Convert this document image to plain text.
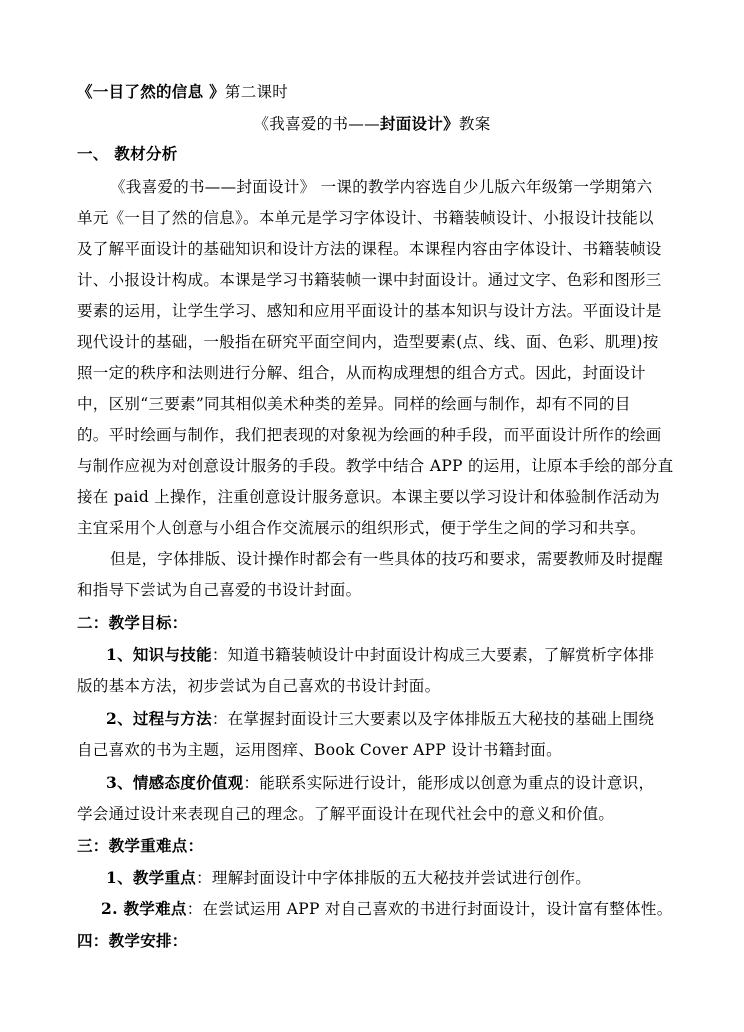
《一目了然的信息 》第二课时
《我喜爱的书——封面设计》教案
一、 教材分析
《我喜爱的书——封面设计》 一课的教学内容选自少儿版六年级第一学期第六
单元《一目了然的信息》。本单元是学习字体设计、书籍装帧设计、小报设计技能以
及了解平面设计的基础知识和设计方法的课程。本课程内容由字体设计、书籍装帧设
计、小报设计构成。本课是学习书籍装帧一课中封面设计。通过文字、色彩和图形三
要素的运用，让学生学习、感知和应用平面设计的基本知识与设计方法。平面设计是
现代设计的基础，一般指在研究平面空间内，造型要素(点、线、面、色彩、肌理)按
照一定的秩序和法则进行分解、组合，从而构成理想的组合方式。因此，封面设计
中，区别“三要素”同其相似美术种类的差异。同样的绘画与制作，却有不同的目
的。平时绘画与制作，我们把表现的对象视为绘画的种手段，而平面设计所作的绘画
与制作应视为对创意设计服务的手段。教学中结合 APP 的运用，让原本手绘的部分直
接在 paid 上操作，注重创意设计服务意识。本课主要以学习设计和体验制作活动为
主宜采用个人创意与小组合作交流展示的组织形式，便于学生之间的学习和共享。
但是，字体排版、设计操作时都会有一些具体的技巧和要求，需要教师及时提醒
和指导下尝试为自己喜爱的书设计封面。
二：教学目标：
1、知识与技能：知道书籍装帧设计中封面设计构成三大要素，了解赏析字体排
版的基本方法，初步尝试为自己喜欢的书设计封面。
2、过程与方法：在掌握封面设计三大要素以及字体排版五大秘技的基础上围绕
自己喜欢的书为主题，运用图痒、Book Cover APP 设计书籍封面。
3、情感态度价值观：能联系实际进行设计，能形成以创意为重点的设计意识，
学会通过设计来表现自己的理念。了解平面设计在现代社会中的意义和价值。
三：教学重难点：
1、教学重点：理解封面设计中字体排版的五大秘技并尝试进行创作。
2. 教学难点：在尝试运用 APP 对自己喜欢的书进行封面设计，设计富有整体性。
四：教学安排：
